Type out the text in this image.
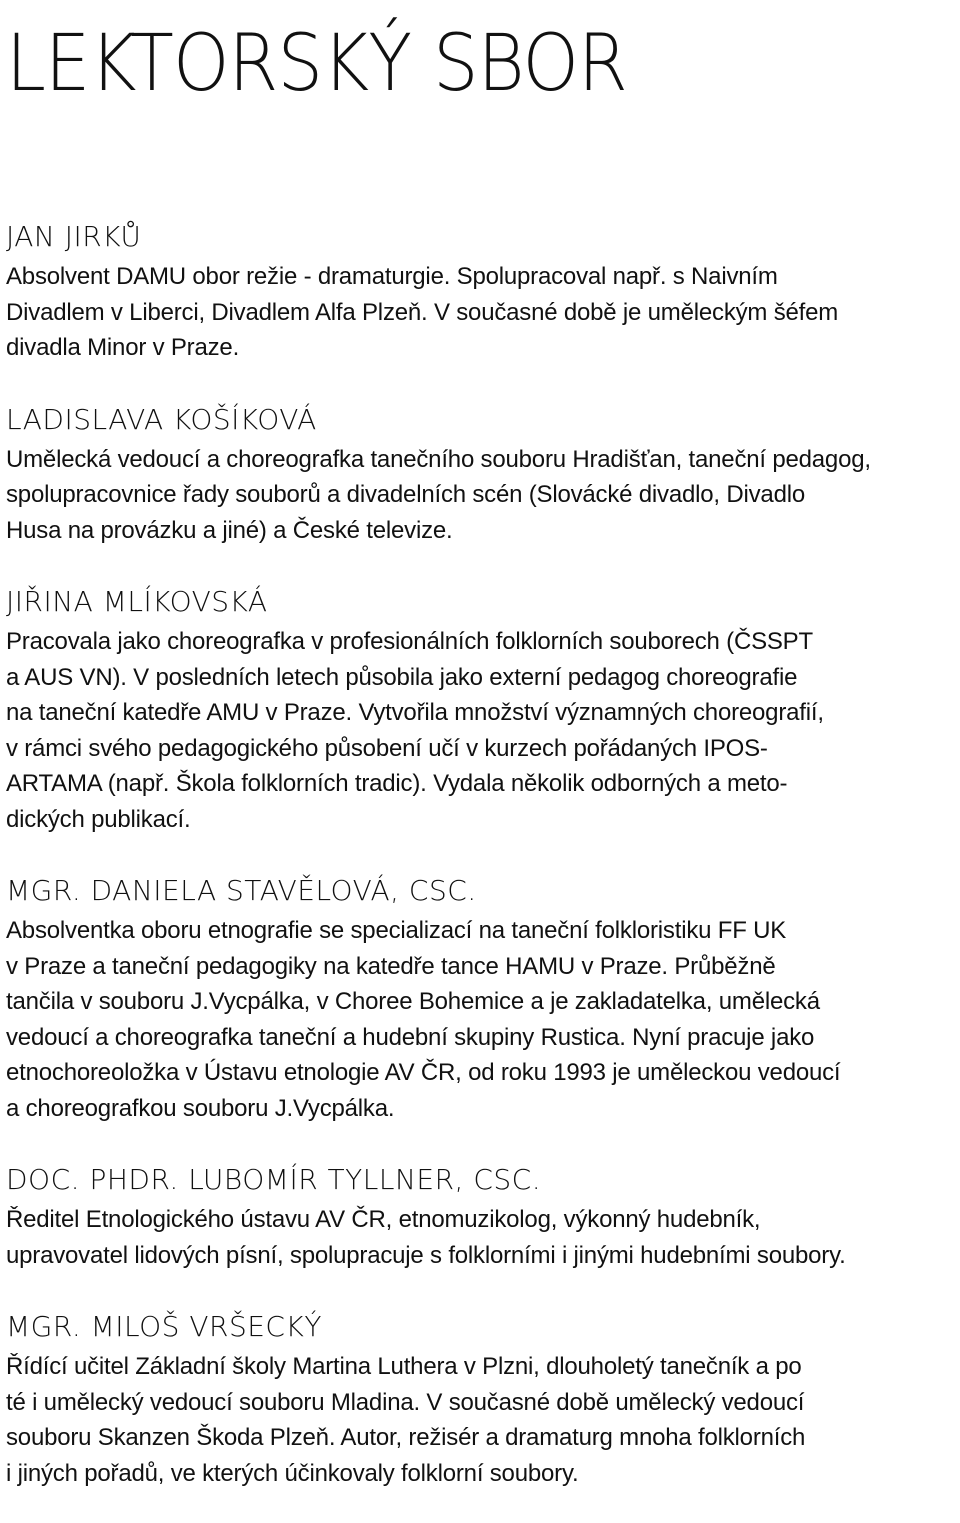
LEKTORSKÝ SBOR
JAN JIRKŮ

Absolvent DAMU obor režie - dramaturgie. Spolupracoval např. s Naivním
Divadlem v Liberci, Divadlem Alfa Plzeň. V současné době je uměleckým šéfem
divadla Minor v Praze.

LADISLAVA KOŠÍKOVÁ

Umělecká vedoucí a choreografka tanečního souboru Hradišťan, taneční pedagog,
spolupracovnice řady souborů a divadelních scén (Slovácké divadlo, Divadlo
Husa na provázku a jiné) a České televize.

JIŘINA MLÍKOVSKÁ

Pracovala jako choreografka v profesionálních folklorních souborech (ČSSPT
a AUS VN). V posledních letech působila jako externí pedagog choreografie
na taneční katedře AMU v Praze. Vytvořila množství významných choreografií,
v rámci svého pedagogického působení učí v kurzech pořádaných IPOS-
ARTAMA (např. Škola folklorních tradic). Vydala několik odborných a meto-
dických publikací.

MGR. DANIELA STAVĚLOVÁ, CSC.

Absolventka oboru etnografie se specializací na taneční folkloristiku FF UK
v Praze a taneční pedagogiky na katedře tance HAMU v Praze. Průběžně
tančila v souboru J.Vycpálka, v Choree Bohemice a je zakladatelka, umělecká
vedoucí a choreografka taneční a hudební skupiny Rustica. Nyní pracuje jako
etnochoreoložka v Ústavu etnologie AV ČR, od roku 1993 je uměleckou vedoucí
a choreografkou souboru J.Vycpálka.

DOC. PHDR. LUBOMÍR TYLLNER, CSC.

Ředitel Etnologického ústavu AV ČR, etnomuzikolog, výkonný hudebník,
upravovatel lidových písní, spolupracuje s folklorními i jinými hudebními soubory.

MGR. MILOŠ VRŠECKÝ

Řídící učitel Základní školy Martina Luthera v Plzni, dlouholetý tanečník a po
té i umělecký vedoucí souboru Mladina. V současné době umělecký vedoucí
souboru Skanzen Škoda Plzeň. Autor, režisér a dramaturg mnoha folklorních
i jiných pořadů, ve kterých účinkovaly folklorní soubory.
